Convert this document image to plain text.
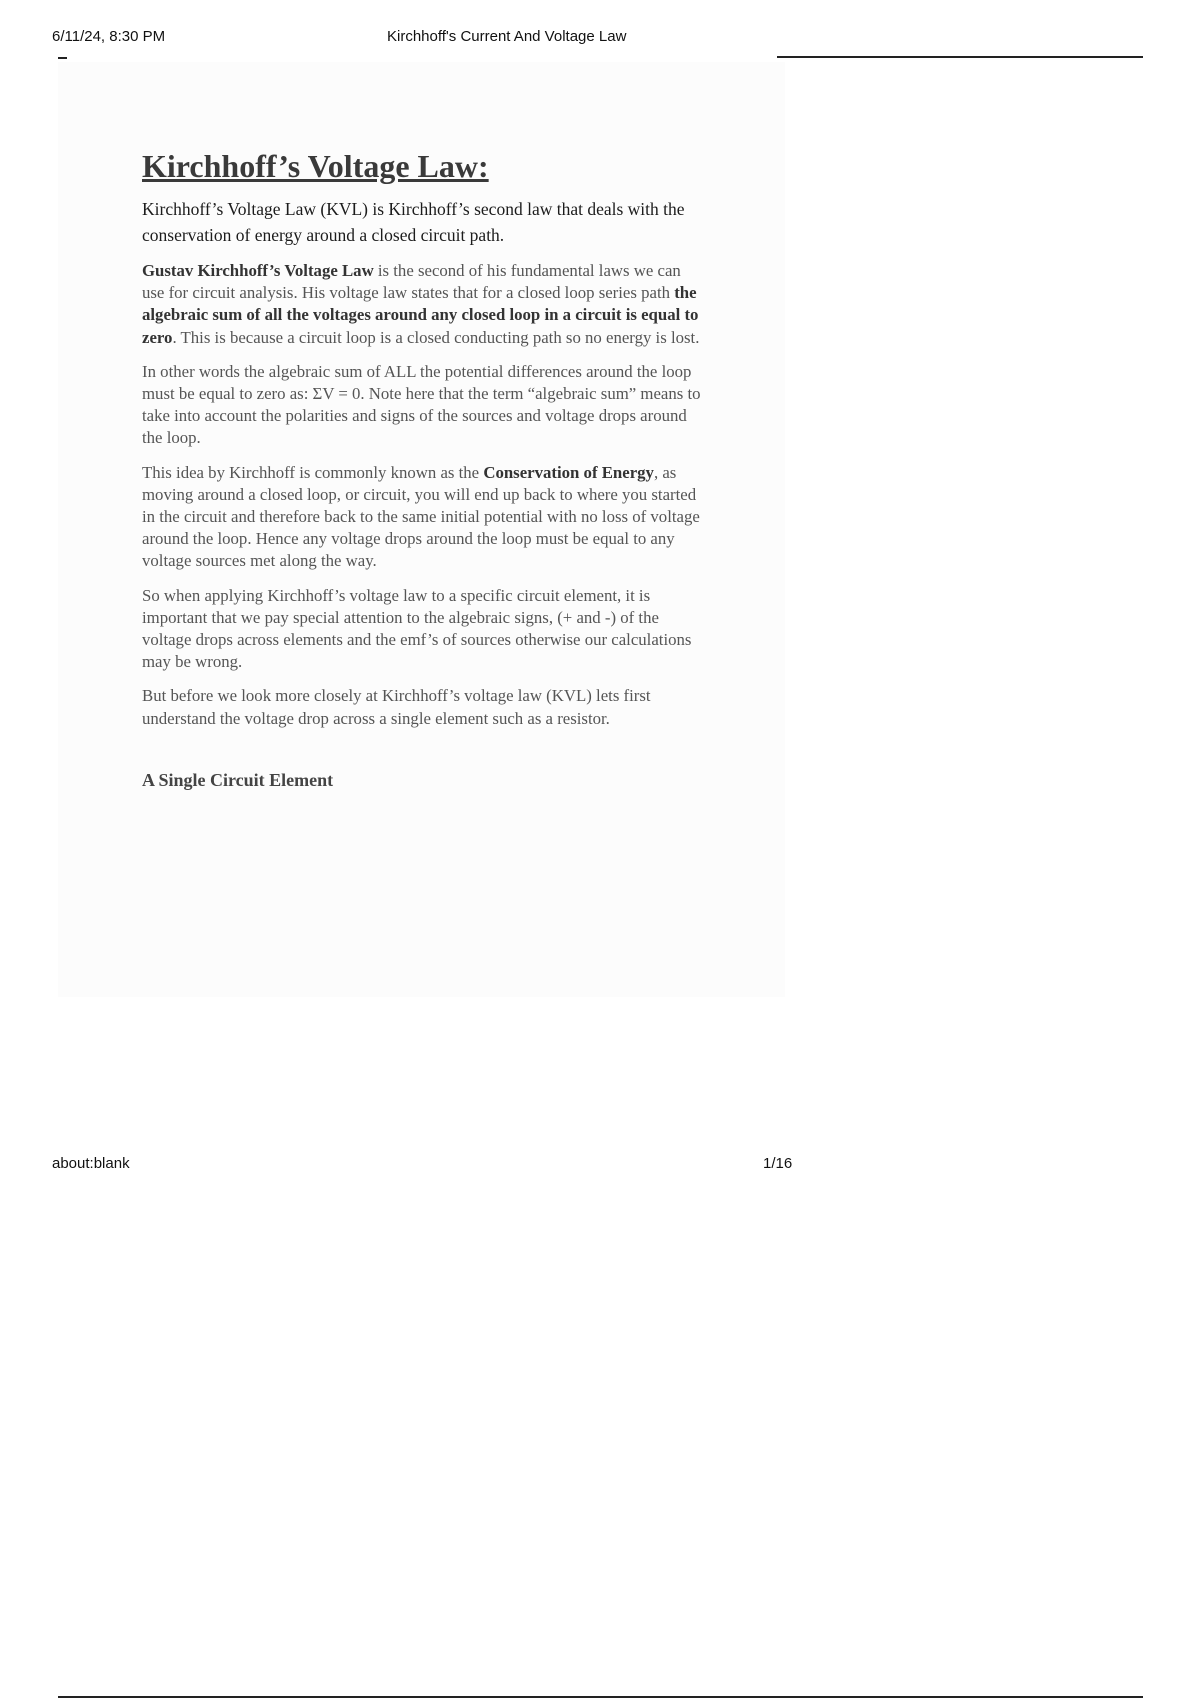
6/11/24, 8:30 PM	Kirchhoff's Current And Voltage Law
Kirchhoff’s Voltage Law:

Kirchhoff’s Voltage Law (KVL) is Kirchhoff’s second law that deals with the conservation of energy around a closed circuit path.

Gustav Kirchhoff’s Voltage Law is the second of his fundamental laws we can use for circuit analysis. His voltage law states that for a closed loop series path the algebraic sum of all the voltages around any closed loop in a circuit is equal to zero. This is because a circuit loop is a closed conducting path so no energy is lost.

In other words the algebraic sum of ALL the potential differences around the loop must be equal to zero as: ΣV = 0. Note here that the term “algebraic sum” means to take into account the polarities and signs of the sources and voltage drops around the loop.

This idea by Kirchhoff is commonly known as the Conservation of Energy, as moving around a closed loop, or circuit, you will end up back to where you started in the circuit and therefore back to the same initial potential with no loss of voltage around the loop. Hence any voltage drops around the loop must be equal to any voltage sources met along the way.

So when applying Kirchhoff’s voltage law to a specific circuit element, it is important that we pay special attention to the algebraic signs, (+ and -) of the voltage drops across elements and the emf’s of sources otherwise our calculations may be wrong.

But before we look more closely at Kirchhoff’s voltage law (KVL) lets first understand the voltage drop across a single element such as a resistor.

A Single Circuit Element
about:blank	1/16
